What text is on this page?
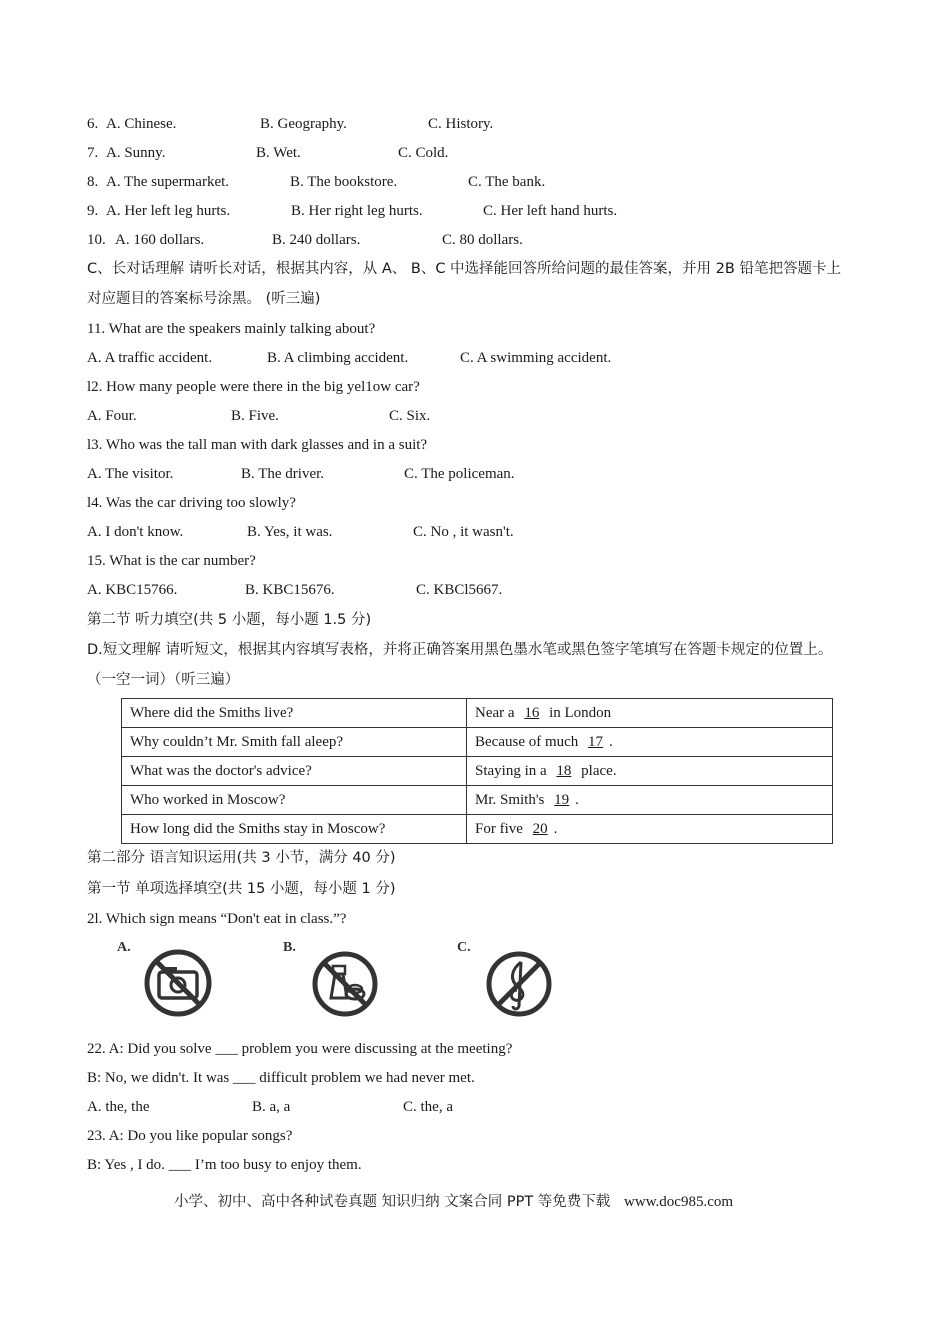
6. A. Chinese.	B. Geography.	C. History.
7. A. Sunny.	B. Wet.	C. Cold.
8. A. The supermarket.	B. The bookstore.	C. The bank.
9. A. Her left leg hurts.	B. Her right leg hurts.	C. Her left hand hurts.
10. A. 160 dollars.	B. 240 dollars.	C. 80 dollars.
C、长对话理解 请听长对话，根据其内容，从 A、 B、C 中选择能回答所给问题的最佳答案，并用 2B 铅笔把答题卡上对应题目的答案标号涂黑。 (听三遍)
11. What are the speakers mainly talking about?
A. A traffic accident.	B. A climbing accident.	C. A swimming accident.
l2. How many people were there in the big yel1ow car?
A. Four.	B. Five.	C. Six.
l3. Who was the tall man with dark glasses and in a suit?
A. The visitor.	B. The driver.	C. The policeman.
l4. Was the car driving too slowly?
A. I don't know.	B. Yes, it was.	C. No , it wasn't.
15. What is the car number?
A. KBC15766.	B. KBC15676.	C. KBCl5667.
第二节 听力填空(共 5 小题，每小题 1.5 分)
D.短文理解 请听短文，根据其内容填写表格，并将正确答案用黑色墨水笔或黑色签字笔填写在答题卡规定的位置上。（一空一词）（听三遍）
Where did the Smiths live?	Near a 16 in London
Why couldn’t Mr. Smith fall aleep?	Because of much 17 .
What was the doctor's advice?	Staying in a 18 place.
Who worked in Moscow?	Mr. Smith's 19 .
How long did the Smiths stay in Moscow?	For five 20 .
第二部分 语言知识运用(共 3 小节，满分 40 分)
第一节 单项选择填空(共 15 小题，每小题 1 分)
2l. Which sign means “Don't eat in class.”?
A.	B.	C.
22. A: Did you solve ___ problem you were discussing at the meeting?
B: No, we didn't. It was ___ difficult problem we had never met.
A. the, the	B. a, a	C. the, a
23. A: Do you like popular songs?
B: Yes , I do. ___ I’m too busy to enjoy them.
小学、初中、高中各种试卷真题 知识归纳 文案合同 PPT 等免费下载 www.doc985.com
